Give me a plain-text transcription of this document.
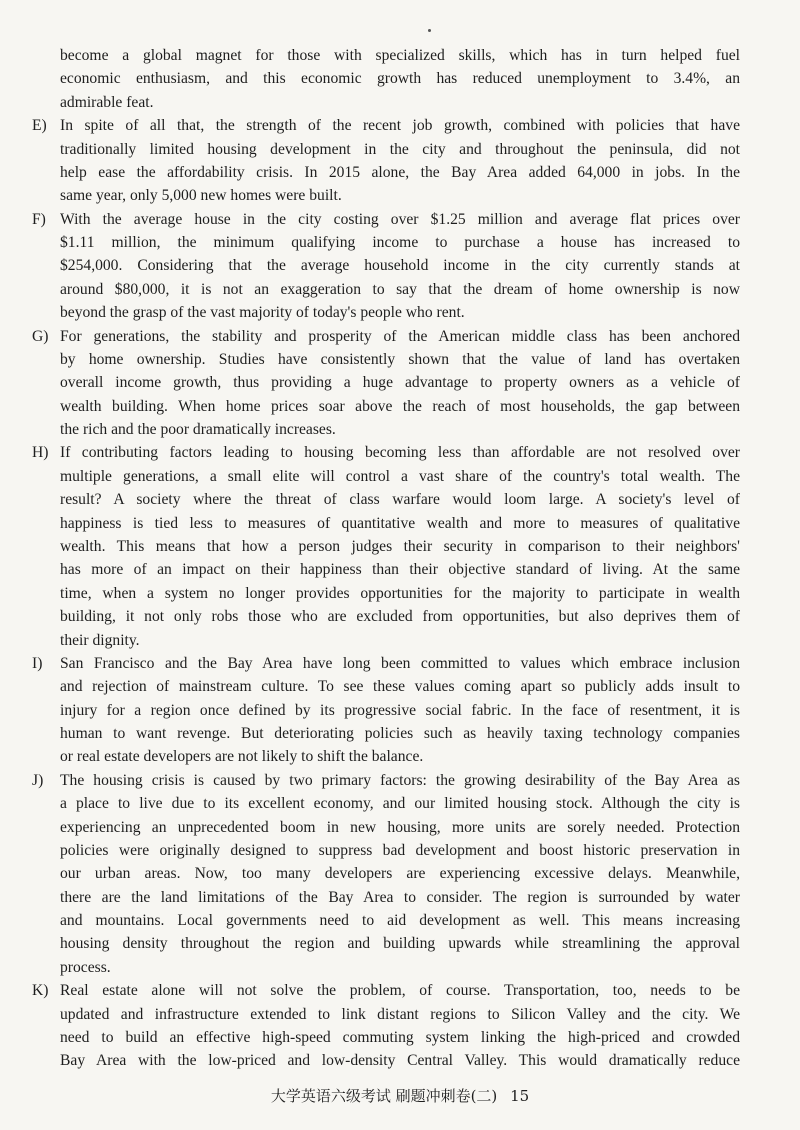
become a global magnet for those with specialized skills, which has in turn helped fuel
economic enthusiasm, and this economic growth has reduced unemployment to 3.4%, an
admirable feat.
E) In spite of all that, the strength of the recent job growth, combined with policies that have
traditionally limited housing development in the city and throughout the peninsula, did not
help ease the affordability crisis. In 2015 alone, the Bay Area added 64,000 in jobs. In the
same year, only 5,000 new homes were built.
F) With the average house in the city costing over $1.25 million and average flat prices over
$1.11 million, the minimum qualifying income to purchase a house has increased to
$254,000. Considering that the average household income in the city currently stands at
around $80,000, it is not an exaggeration to say that the dream of home ownership is now
beyond the grasp of the vast majority of today's people who rent.
G) For generations, the stability and prosperity of the American middle class has been anchored
by home ownership. Studies have consistently shown that the value of land has overtaken
overall income growth, thus providing a huge advantage to property owners as a vehicle of
wealth building. When home prices soar above the reach of most households, the gap between
the rich and the poor dramatically increases.
H) If contributing factors leading to housing becoming less than affordable are not resolved over
multiple generations, a small elite will control a vast share of the country's total wealth. The
result? A society where the threat of class warfare would loom large. A society's level of
happiness is tied less to measures of quantitative wealth and more to measures of qualitative
wealth. This means that how a person judges their security in comparison to their neighbors'
has more of an impact on their happiness than their objective standard of living. At the same
time, when a system no longer provides opportunities for the majority to participate in wealth
building, it not only robs those who are excluded from opportunities, but also deprives them of
their dignity.
I)	San Francisco and the Bay Area have long been committed to values which embrace inclusion
and rejection of mainstream culture. To see these values coming apart so publicly adds insult to
injury for a region once defined by its progressive social fabric. In the face of resentment, it is
human to want revenge. But deteriorating policies such as heavily taxing technology companies
or real estate developers are not likely to shift the balance.
J)	The housing crisis is caused by two primary factors: the growing desirability of the Bay Area as
a place to live due to its excellent economy, and our limited housing stock. Although the city is
experiencing an unprecedented boom in new housing, more units are sorely needed. Protection
policies were originally designed to suppress bad development and boost historic preservation in
our urban areas. Now, too many developers are experiencing excessive delays. Meanwhile,
there are the land limitations of the Bay Area to consider. The region is surrounded by water
and mountains. Local governments need to aid development as well. This means increasing
housing density throughout the region and building upwards while streamlining the approval
process.
K) Real estate alone will not solve the problem, of course. Transportation, too, needs to be
updated and infrastructure extended to link distant regions to Silicon Valley and the city. We
need to build an effective high-speed commuting system linking the high-priced and crowded
Bay Area with the low-priced and low-density Central Valley. This would dramatically reduce
大学英语六级考试 刷题冲刺卷(二) 15
